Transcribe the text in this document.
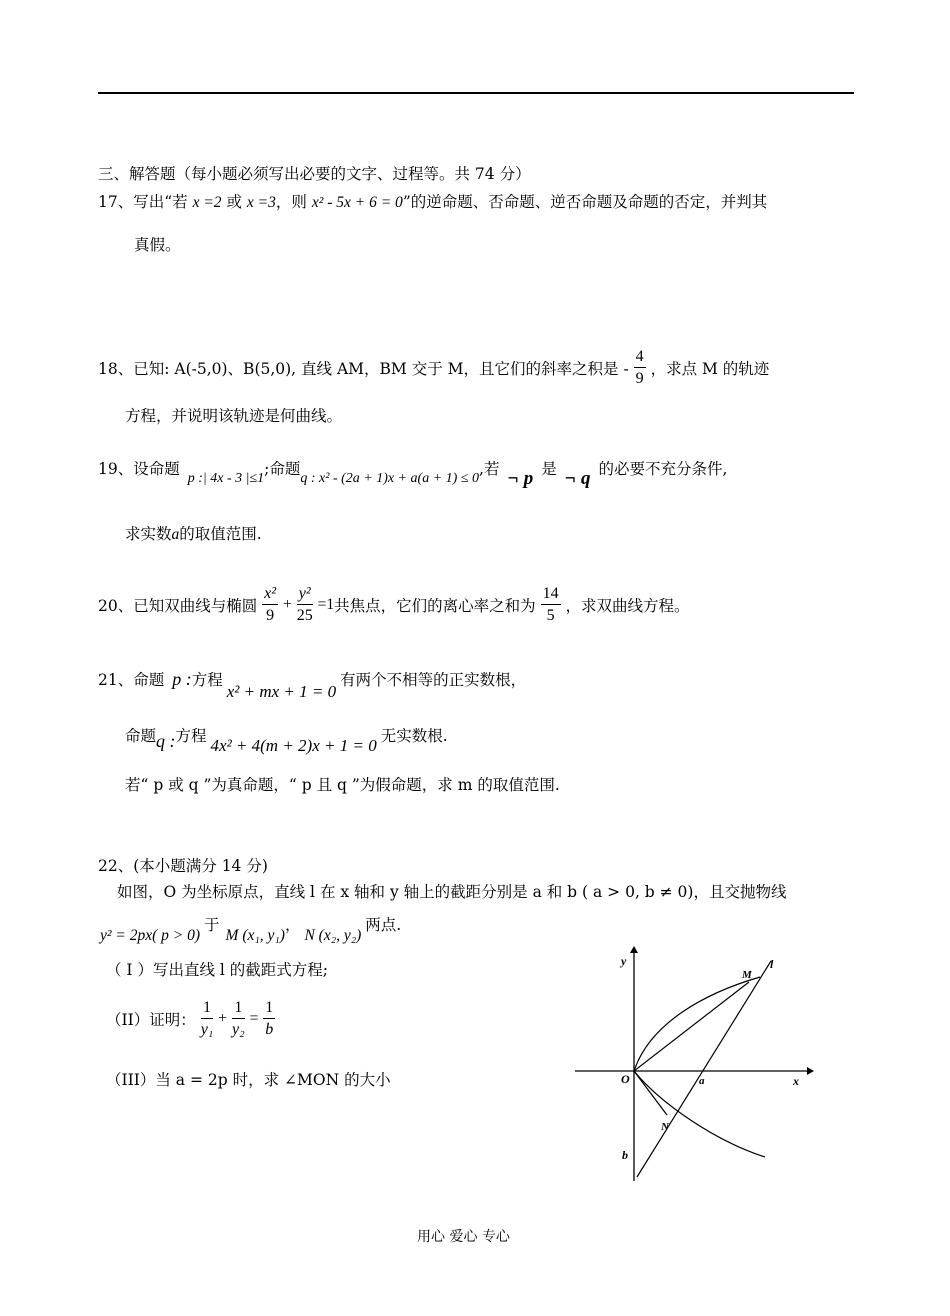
三、解答题（每小题必须写出必要的文字、过程等。共 74 分）
17、写出“若 x =2 或 x =3，则 x² - 5x + 6 = 0”的逆命题、否命题、逆否命题及命题的否定，并判其
真假。
18、已知: A(-5,0)、B(5,0), 直线 AM，BM 交于 M，且它们的斜率之积是 - $\frac{4}{9}$ ，求点 M 的轨迹
方程，并说明该轨迹是何曲线。
19、设命题p :| 4x - 3 |≤1;命题q : x² - (2a + 1)x + a(a + 1) ≤ 0,若 ¬ p 是 ¬ q 的必要不充分条件,
求实数a的取值范围.
20、已知双曲线与椭圆 $\frac{\text{x²}}{9} + \frac{\text{y²}}{25} =1$共焦点，它们的离心率之和为 $\frac{14}{5}$ ，求双曲线方程。
21、命题 p :方程x² + mx + 1 = 0有两个不相等的正实数根，
命题q :方程 4x² + 4(m + 2)x + 1 = 0 无实数根.
若“ p 或 q ”为真命题，“ p 且 q ”为假命题，求 m 的取值范围.
22、(本小题满分 14 分)
如图，O 为坐标原点，直线 l 在 x 轴和 y 轴上的截距分别是 a 和 b ( a > 0, b ≠ 0)，且交抛物线
y² = 2px( p > 0)于M (x₁, y₁)，N (x₂, y₂)两点.
（ I ）写出直线 l 的截距式方程;
（II）证明： $\frac{1}{\text{y₁}} + \frac{1}{\text{y₂}} = \frac{1}{b}$
（III）当 a = 2p 时，求 ∠MON 的大小
y
x
O	a
b
M
N
l
用心 爱心 专心
